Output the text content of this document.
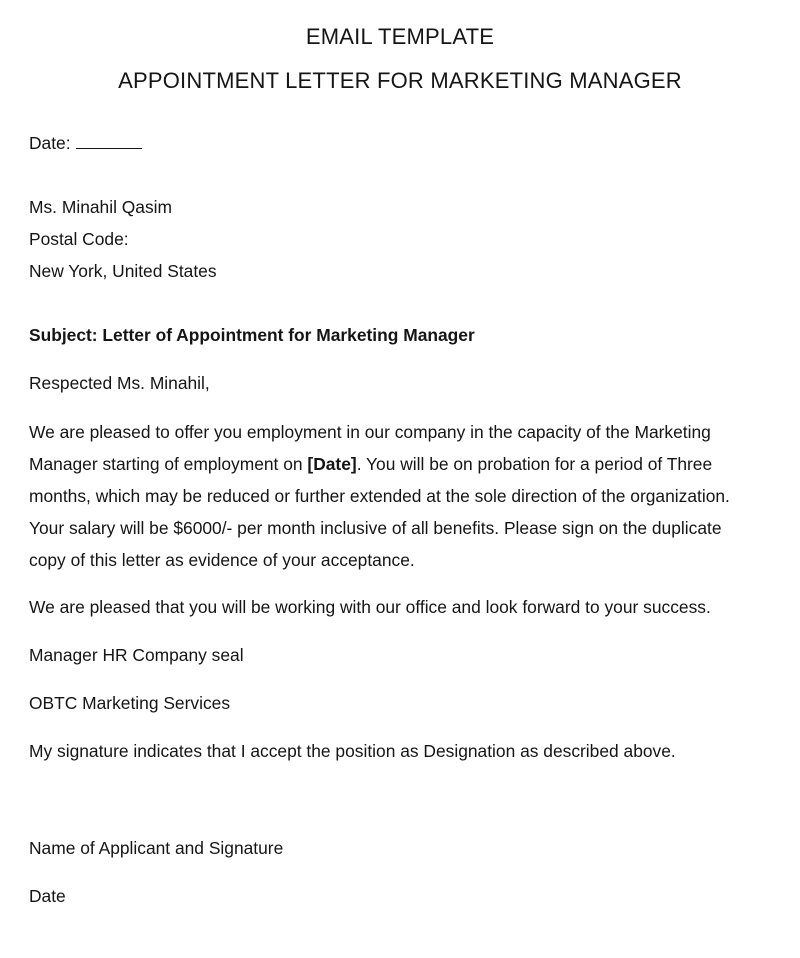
EMAIL TEMPLATE
APPOINTMENT LETTER FOR MARKETING MANAGER

Date:

Ms. Minahil Qasim

Postal Code:

New York, United States

Subject: Letter of Appointment for Marketing Manager

Respected Ms. Minahil,

We are pleased to offer you employment in our company in the capacity of the Marketing
Manager starting of employment on [Date]. You will be on probation for a period of Three
months, which may be reduced or further extended at the sole direction of the organization.
Your salary will be $6000/- per month inclusive of all benefits. Please sign on the duplicate
copy of this letter as evidence of your acceptance.

We are pleased that you will be working with our office and look forward to your success.

Manager HR Company seal

OBTC Marketing Services

My signature indicates that I accept the position as Designation as described above.

Name of Applicant and Signature

Date
